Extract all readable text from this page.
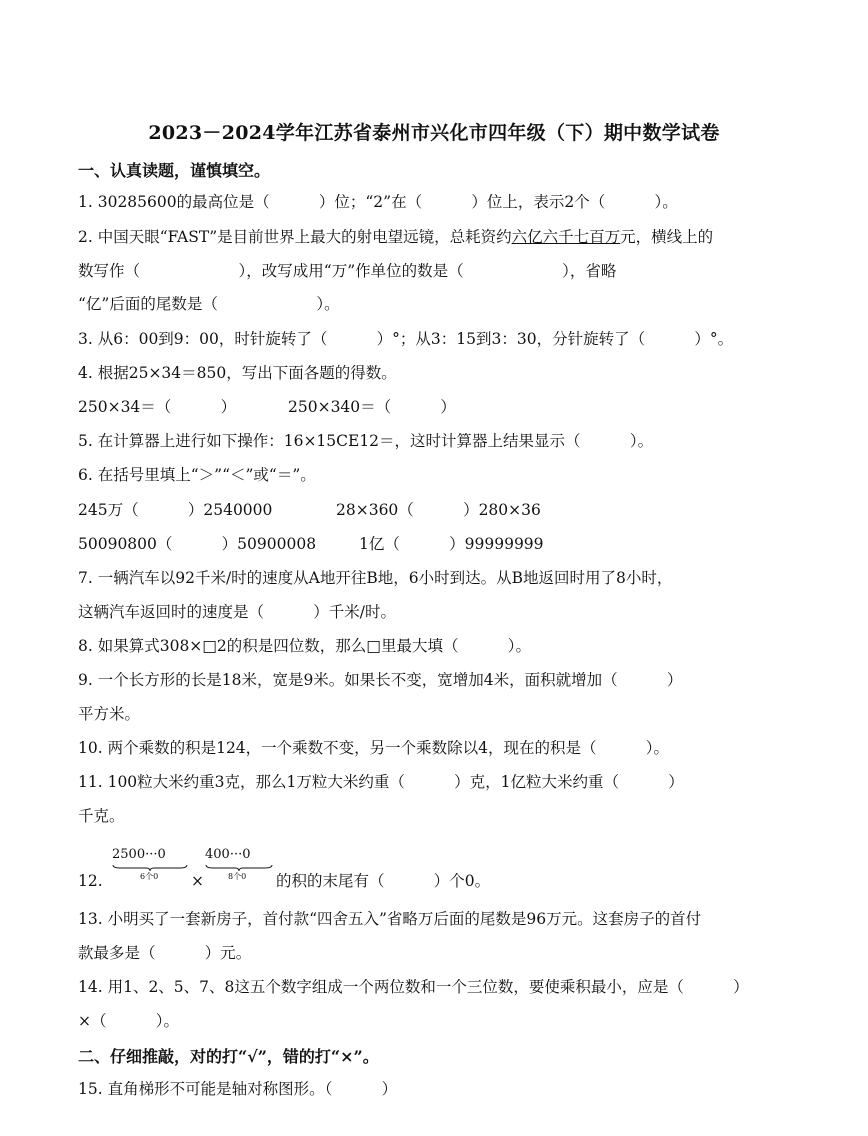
2023－2024学年江苏省泰州市兴化市四年级（下）期中数学试卷
一、认真读题，谨慎填空。
1. 30285600的最高位是（          ）位；“2”在（          ）位上，表示2个（          ）。
2. 中国天眼“FAST”是目前世界上最大的射电望远镜，总耗资约六亿六千七百万元，横线上的
数写作（                    ），改写成用“万”作单位的数是（                    ），省略
“亿”后面的尾数是（                    ）。
3. 从6：00到9：00，时针旋转了（          ）°；从3：15到3：30，分针旋转了（          ）°。
4. 根据25×34＝850，写出下面各题的得数。
250×34＝（          ）	250×340＝（          ）
5. 在计算器上进行如下操作：16×15CE12＝，这时计算器上结果显示（          ）。
6. 在括号里填上“＞”“＜”或“＝”。
245万（          ）2540000	28×360（          ）280×36
50090800（          ）50900008	1亿（          ）99999999
7. 一辆汽车以92千米/时的速度从A地开往B地，6小时到达。从B地返回时用了8小时，
这辆汽车返回时的速度是（          ）千米/时。
8. 如果算式308×□2的积是四位数，那么□里最大填（          ）。
9. 一个长方形的长是18米，宽是9米。如果长不变，宽增加4米，面积就增加（          ）
平方米。
10. 两个乘数的积是124，一个乘数不变，另一个乘数除以4，现在的积是（          ）。
11. 100粒大米约重3克，那么1万粒大米约重（          ）克，1亿粒大米约重（          ）
千克。
12.
2500···0
6个0 ×
400···0
8个0 的积的末尾有（          ）个0。
13. 小明买了一套新房子，首付款“四舍五入”省略万后面的尾数是96万元。这套房子的首付
款最多是（          ）元。
14. 用1、2、5、7、8这五个数字组成一个两位数和一个三位数，要使乘积最小，应是（          ）
×（          ）。
二、仔细推敲，对的打“√”，错的打“×”。
15. 直角梯形不可能是轴对称图形。（          ）
